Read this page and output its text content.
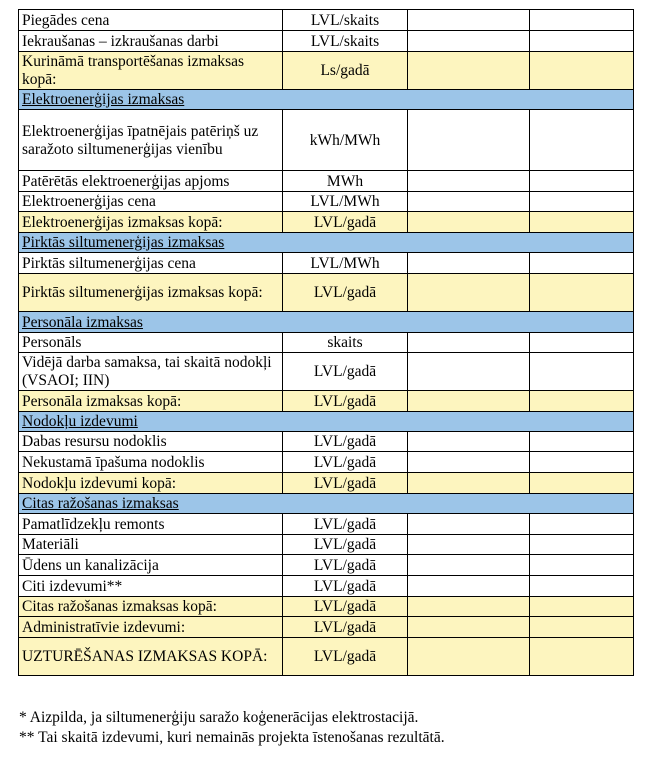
Piegādes cena	LVL/skaits		
Iekraušanas – izkraušanas darbi	LVL/skaits		
Kurināmā transportēšanas izmaksas kopā:	Ls/gadā		
Elektroenerģijas izmaksas			
Elektroenerģijas īpatnējais patēriņš uz saražoto siltumenerģijas vienību	kWh/MWh		
Patērētās elektroenerģijas apjoms	MWh		
Elektroenerģijas cena	LVL/MWh		
Elektroenerģijas izmaksas kopā:	LVL/gadā		
Pirktās siltumenerģijas izmaksas			
Pirktās siltumenerģijas cena	LVL/MWh		
Pirktās siltumenerģijas izmaksas kopā:	LVL/gadā		
Personāla izmaksas			
Personāls	skaits		
Vidējā darba samaksa, tai skaitā nodokļi (VSAOI; IIN)	LVL/gadā		
Personāla izmaksas kopā:	LVL/gadā		
Nodokļu izdevumi			
Dabas resursu nodoklis	LVL/gadā		
Nekustamā īpašuma nodoklis	LVL/gadā		
Nodokļu izdevumi kopā:	LVL/gadā		
Citas ražošanas izmaksas			
Pamatlīdzekļu remonts	LVL/gadā		
Materiāli	LVL/gadā		
Ūdens un kanalizācija	LVL/gadā		
Citi izdevumi**	LVL/gadā		
Citas ražošanas izmaksas kopā:	LVL/gadā		
Administratīvie izdevumi:	LVL/gadā		
UZTURĒŠANAS IZMAKSAS KOPĀ:	LVL/gadā		
* Aizpilda, ja siltumenerģiju saražo koģenerācijas elektrostacijā.
** Tai skaitā izdevumi, kuri nemainās projekta īstenošanas rezultātā.
